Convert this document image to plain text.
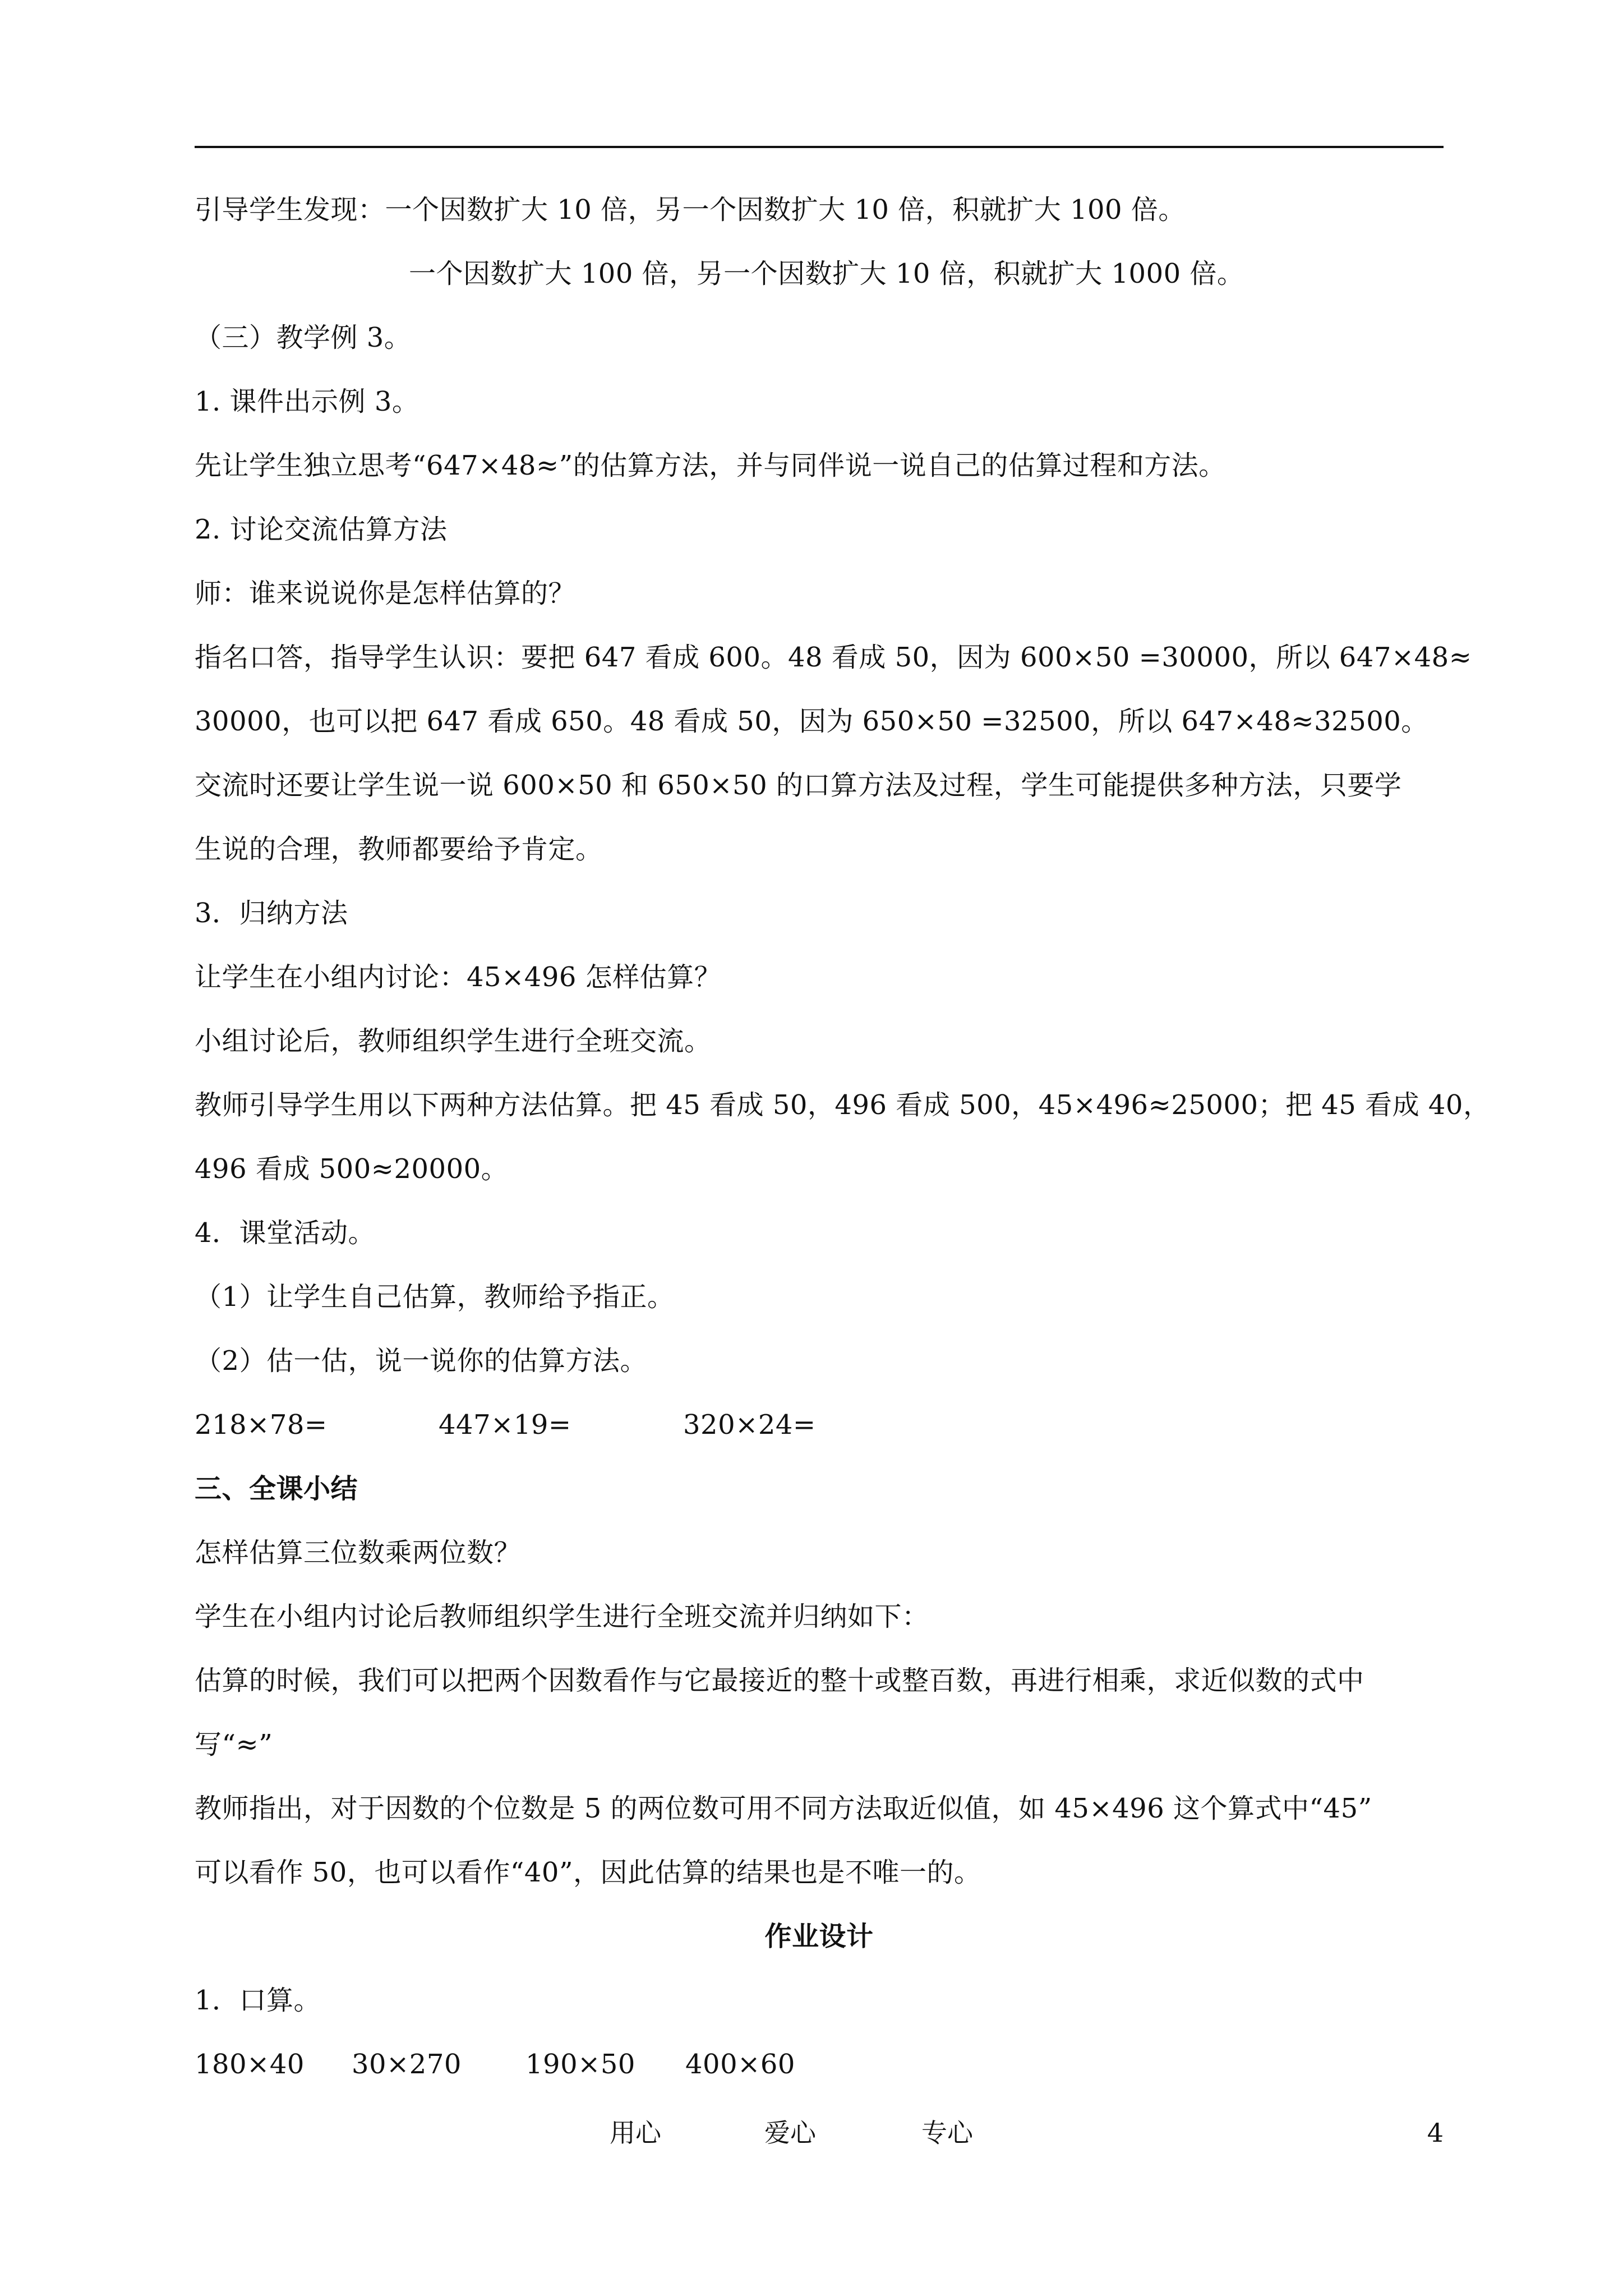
引导学生发现：一个因数扩大 10 倍，另一个因数扩大 10 倍，积就扩大 100 倍。
一个因数扩大 100 倍，另一个因数扩大 10 倍，积就扩大 1000 倍。
（三）教学例 3。
1. 课件出示例 3。
先让学生独立思考“647×48≈”的估算方法，并与同伴说一说自己的估算过程和方法。
2. 讨论交流估算方法
师：谁来说说你是怎样估算的？
指名口答，指导学生认识：要把 647 看成 600。48 看成 50，因为 600×50 =30000，所以 647×48≈
30000，也可以把 647 看成 650。48 看成 50，因为 650×50 =32500，所以 647×48≈32500。
交流时还要让学生说一说 600×50 和 650×50 的口算方法及过程，学生可能提供多种方法，只要学
生说的合理，教师都要给予肯定。
3．归纳方法
让学生在小组内讨论：45×496 怎样估算？
小组讨论后，教师组织学生进行全班交流。
教师引导学生用以下两种方法估算。把 45 看成 50，496 看成 500，45×496≈25000；把 45 看成 40，
496 看成 500≈20000。
4．课堂活动。
（1）让学生自己估算，教师给予指正。
（2）估一估，说一说你的估算方法。
218×78=	447×19=	320×24=
三、全课小结
怎样估算三位数乘两位数？
学生在小组内讨论后教师组织学生进行全班交流并归纳如下：
估算的时候，我们可以把两个因数看作与它最接近的整十或整百数，再进行相乘，求近似数的式中
写“≈”
教师指出，对于因数的个位数是 5 的两位数可用不同方法取近似值，如 45×496 这个算式中“45”
可以看作 50，也可以看作“40”，因此估算的结果也是不唯一的。
作业设计
1．口算。
180×40	30×270	190×50	400×60
用心	爱心	专心	4
